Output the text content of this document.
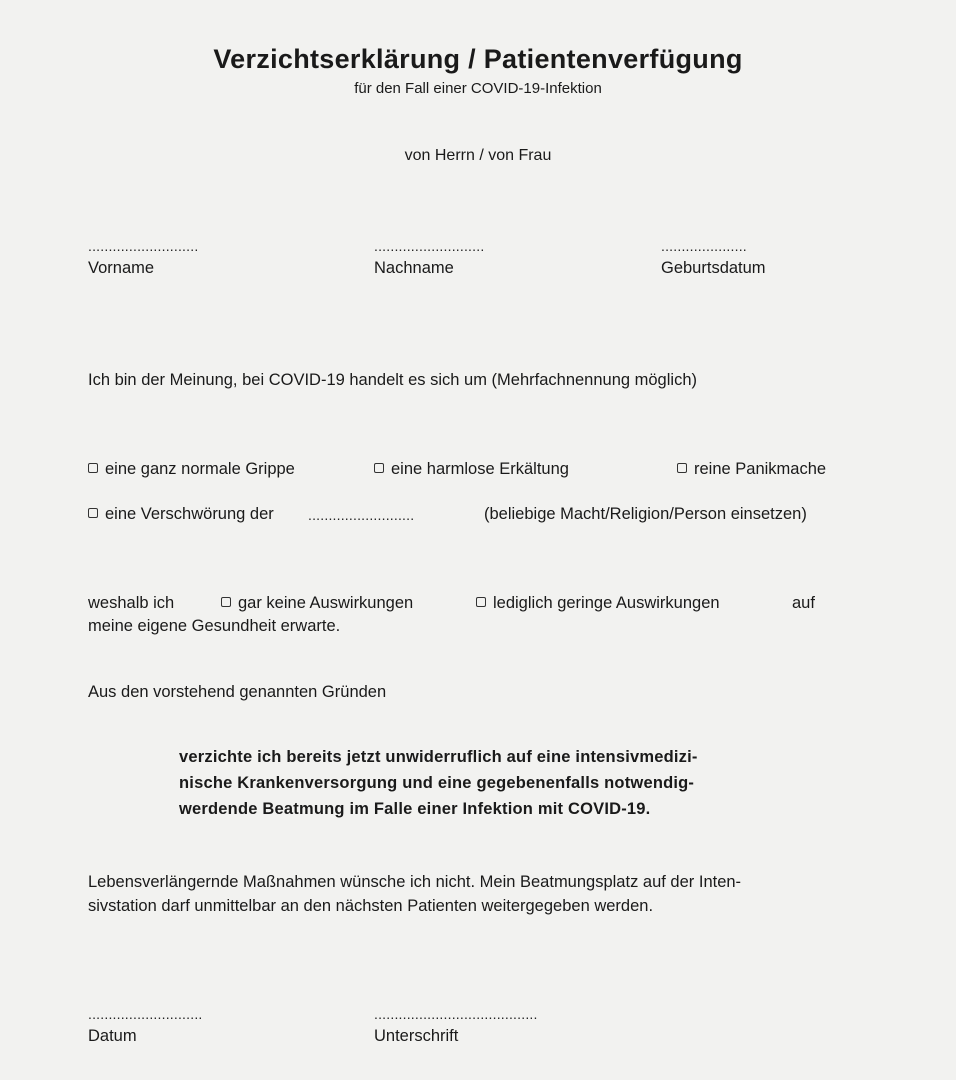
Verzichtserklärung / Patientenverfügung
für den Fall einer COVID-19-Infektion
von Herrn / von Frau
...........................
Vorname
...........................
Nachname
.....................
Geburtsdatum
Ich bin der Meinung, bei COVID-19 handelt es sich um (Mehrfachnennung möglich)
eine ganz normale Grippe	eine harmlose Erkältung	reine Panikmache
eine Verschwörung der ..........................	(beliebige Macht/Religion/Person einsetzen)
weshalb ich	gar keine Auswirkungen	lediglich geringe Auswirkungen	auf
meine eigene Gesundheit erwarte.
Aus den vorstehend genannten Gründen
verzichte ich bereits jetzt unwiderruflich auf eine intensivmedizi-
nische Krankenversorgung und eine gegebenenfalls notwendig-
werdende Beatmung im Falle einer Infektion mit COVID-19.
Lebensverlängernde Maßnahmen wünsche ich nicht. Mein Beatmungsplatz auf der Inten-
sivstation darf unmittelbar an den nächsten Patienten weitergegeben werden.
............................
Datum
........................................
Unterschrift
